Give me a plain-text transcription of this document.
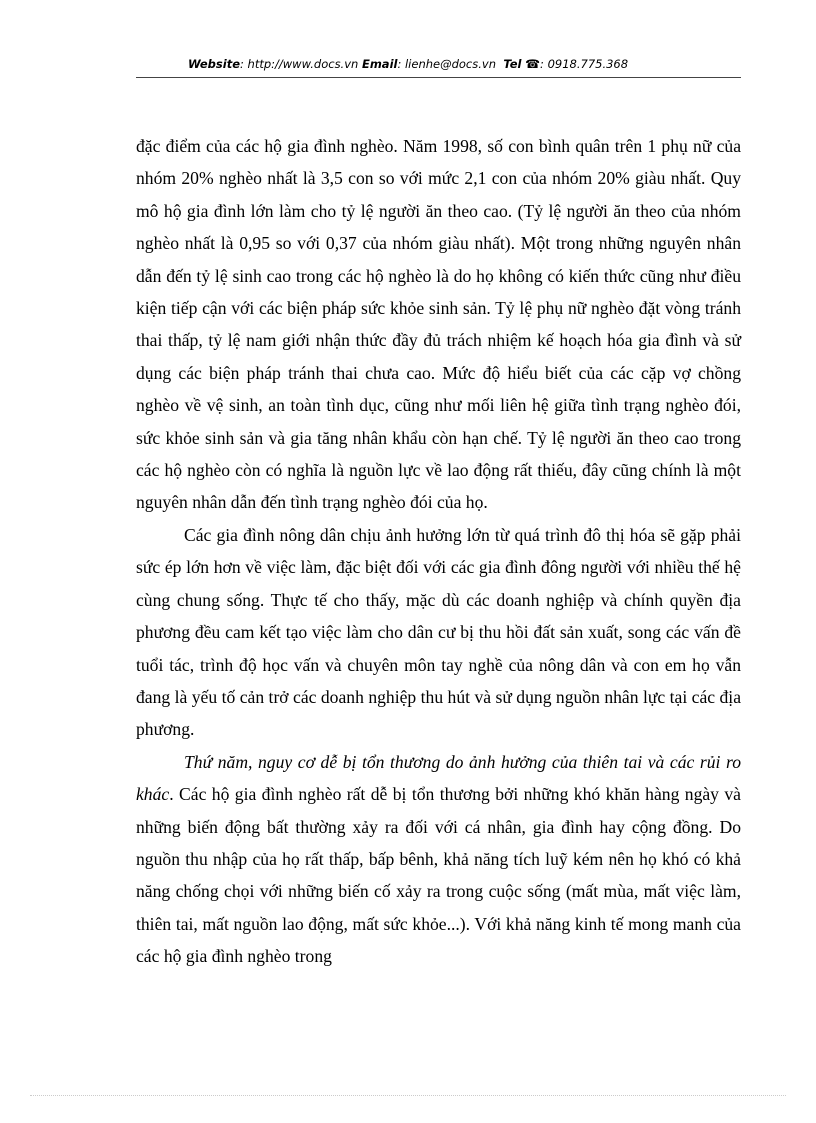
Website: http://www.docs.vn Email: lienhe@docs.vn Tel ☎: 0918.775.368

đặc điểm của các hộ gia đình nghèo. Năm 1998, số con bình quân trên 1 phụ nữ của nhóm 20% nghèo nhất là 3,5 con so với mức 2,1 con của nhóm 20% giàu nhất. Quy mô hộ gia đình lớn làm cho tỷ lệ người ăn theo cao. (Tỷ lệ người ăn theo của nhóm nghèo nhất là 0,95 so với 0,37 của nhóm giàu nhất). Một trong những nguyên nhân dẫn đến tỷ lệ sinh cao trong các hộ nghèo là do họ không có kiến thức cũng như điều kiện tiếp cận với các biện pháp sức khỏe sinh sản. Tỷ lệ phụ nữ nghèo đặt vòng tránh thai thấp, tỷ lệ nam giới nhận thức đầy đủ trách nhiệm kế hoạch hóa gia đình và sử dụng các biện pháp tránh thai chưa cao. Mức độ hiểu biết của các cặp vợ chồng nghèo về vệ sinh, an toàn tình dục, cũng như mối liên hệ giữa tình trạng nghèo đói, sức khỏe sinh sản và gia tăng nhân khẩu còn hạn chế. Tỷ lệ người ăn theo cao trong các hộ nghèo còn có nghĩa là nguồn lực về lao động rất thiếu, đây cũng chính là một nguyên nhân dẫn đến tình trạng nghèo đói của họ.

Các gia đình nông dân chịu ảnh hưởng lớn từ quá trình đô thị hóa sẽ gặp phải sức ép lớn hơn về việc làm, đặc biệt đối với các gia đình đông người với nhiều thế hệ cùng chung sống. Thực tế cho thấy, mặc dù các doanh nghiệp và chính quyền địa phương đều cam kết tạo việc làm cho dân cư bị thu hồi đất sản xuất, song các vấn đề tuổi tác, trình độ học vấn và chuyên môn tay nghề của nông dân và con em họ vẫn đang là yếu tố cản trở các doanh nghiệp thu hút và sử dụng nguồn nhân lực tại các địa phương.

Thứ năm, nguy cơ dễ bị tổn thương do ảnh hưởng của thiên tai và các rủi ro khác. Các hộ gia đình nghèo rất dễ bị tổn thương bởi những khó khăn hàng ngày và những biến động bất thường xảy ra đối với cá nhân, gia đình hay cộng đồng. Do nguồn thu nhập của họ rất thấp, bấp bênh, khả năng tích luỹ kém nên họ khó có khả năng chống chọi với những biến cố xảy ra trong cuộc sống (mất mùa, mất việc làm, thiên tai, mất nguồn lao động, mất sức khỏe...). Với khả năng kinh tế mong manh của các hộ gia đình nghèo trong
